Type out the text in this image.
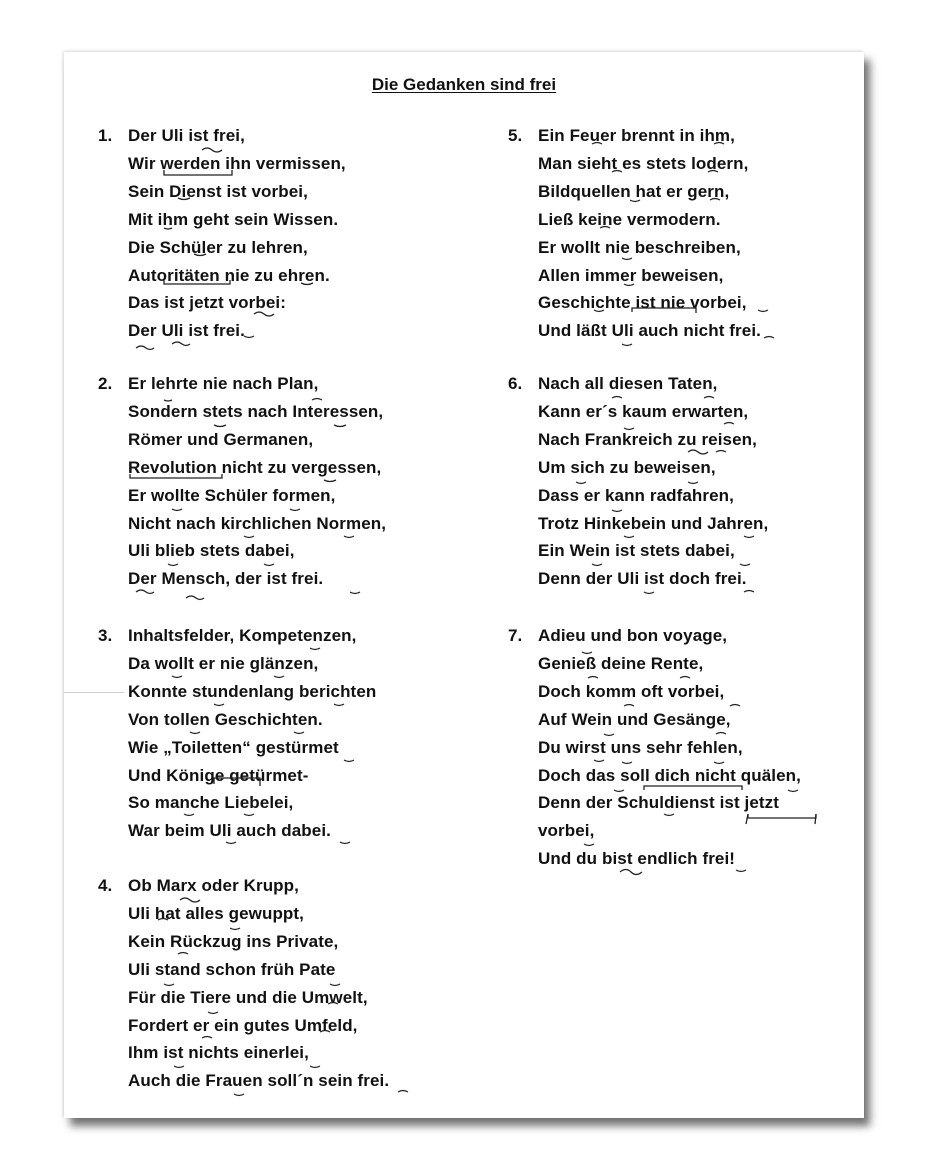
Die Gedanken sind frei
1. Der Uli ist frei,
Wir werden ihn vermissen,
Sein Dienst ist vorbei,
Mit ihm geht sein Wissen.
Die Schüler zu lehren,
Autoritäten nie zu ehren.
Das ist jetzt vorbei:
Der Uli ist frei.
2. Er lehrte nie nach Plan,
Sondern stets nach Interessen,
Römer und Germanen,
Revolution nicht zu vergessen,
Er wollte Schüler formen,
Nicht nach kirchlichen Normen,
Uli blieb stets dabei,
Der Mensch, der ist frei.
3. Inhaltsfelder, Kompetenzen,
Da wollt er nie glänzen,
Konnte stundenlang berichten
Von tollen Geschichten.
Wie „Toiletten“ gestürmet
Und Könige getürmet-
So manche Liebelei,
War beim Uli auch dabei.
4. Ob Marx oder Krupp,
Uli hat alles gewuppt,
Kein Rückzug ins Private,
Uli stand schon früh Pate
Für die Tiere und die Umwelt,
Fordert er ein gutes Umfeld,
Ihm ist nichts einerlei,
Auch die Frauen soll´n sein frei.
5. Ein Feuer brennt in ihm,
Man sieht es stets lodern,
Bildquellen hat er gern,
Ließ keine vermodern.
Er wollt nie beschreiben,
Allen immer beweisen,
Geschichte ist nie vorbei,
Und läßt Uli auch nicht frei.
6. Nach all diesen Taten,
Kann er´s kaum erwarten,
Nach Frankreich zu reisen,
Um sich zu beweisen,
Dass er kann radfahren,
Trotz Hinkebein und Jahren,
Ein Wein ist stets dabei,
Denn der Uli ist doch frei.
7. Adieu und bon voyage,
Genieß deine Rente,
Doch komm oft vorbei,
Auf Wein und Gesänge,
Du wirst uns sehr fehlen,
Doch das soll dich nicht quälen,
Denn der Schuldienst ist jetzt
vorbei,
Und du bist endlich frei!
